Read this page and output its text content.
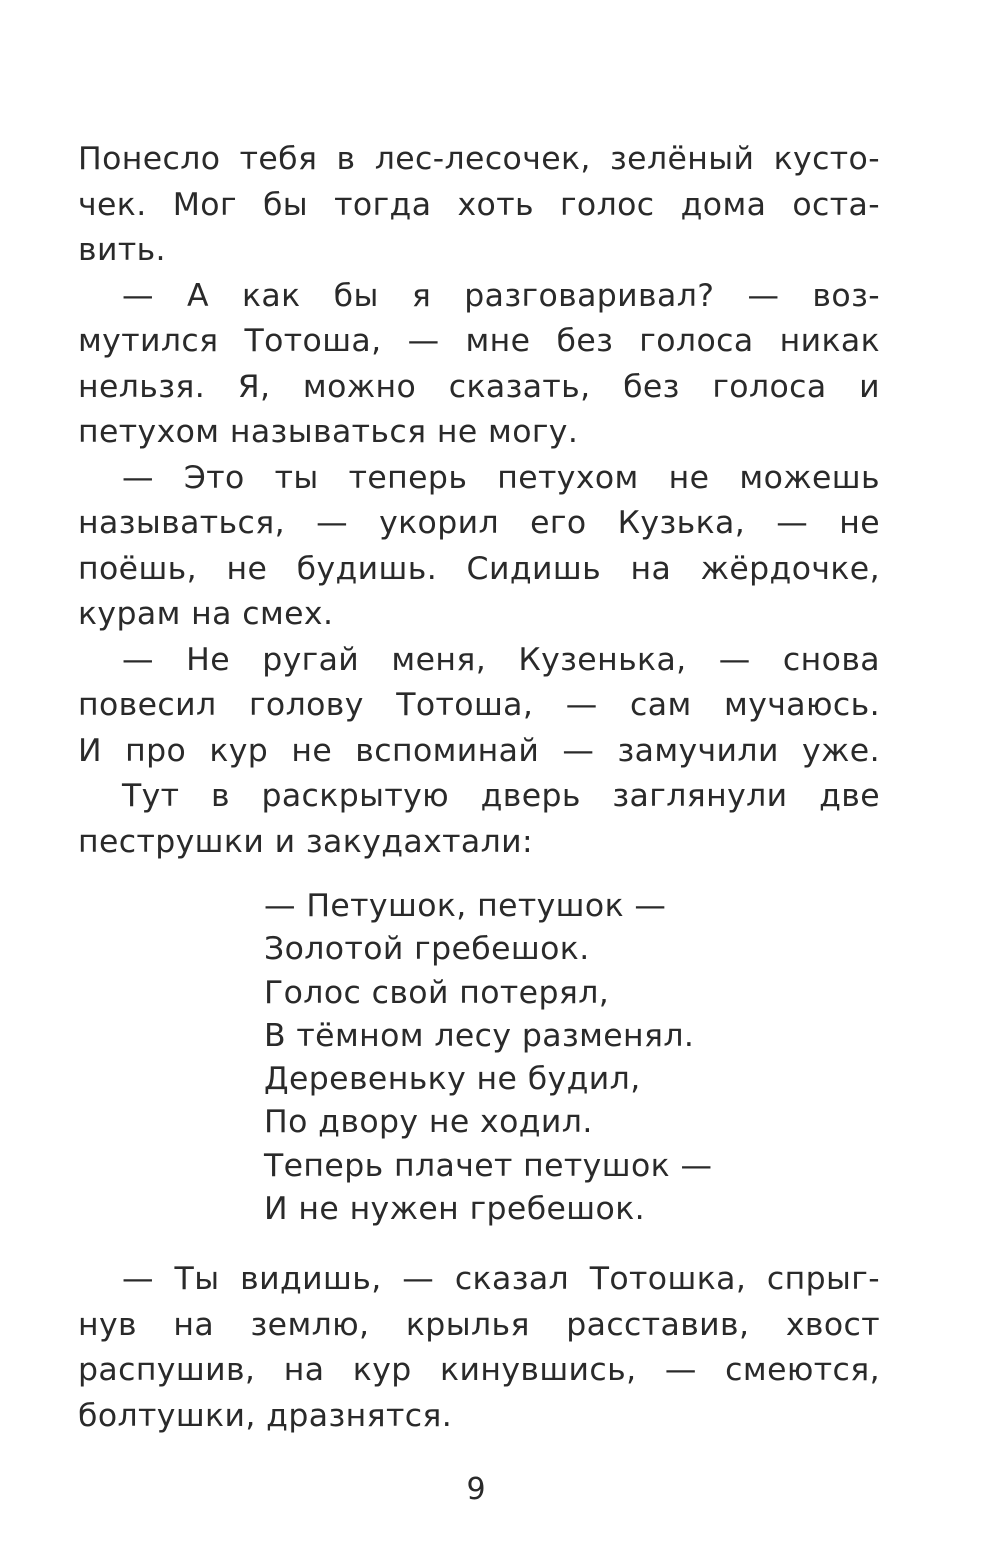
Понесло тебя в лес-лесочек, зелёный кусто-
чек. Мог бы тогда хоть голос дома оста-
вить.
— А как бы я разговаривал? — воз-
мутился Тотоша, — мне без голоса никак
нельзя. Я, можно сказать, без голоса и
петухом называться не могу.
— Это ты теперь петухом не можешь
называться, — укорил его Кузька, — не
поёшь, не будишь. Сидишь на жёрдочке,
курам на смех.
— Не ругай меня, Кузенька, — снова
повесил голову Тотоша, — сам мучаюсь.
И про кур не вспоминай — замучили уже.
Тут в раскрытую дверь заглянули две
пеструшки и закудахтали:
— Петушок, петушок —
Золотой гребешок.
Голос свой потерял,
В тёмном лесу разменял.
Деревеньку не будил,
По двору не ходил.
Теперь плачет петушок —
И не нужен гребешок.
— Ты видишь, — сказал Тотошка, спрыг-
нув на землю, крылья расставив, хвост
распушив, на кур кинувшись, — смеются,
болтушки, дразнятся.
9
